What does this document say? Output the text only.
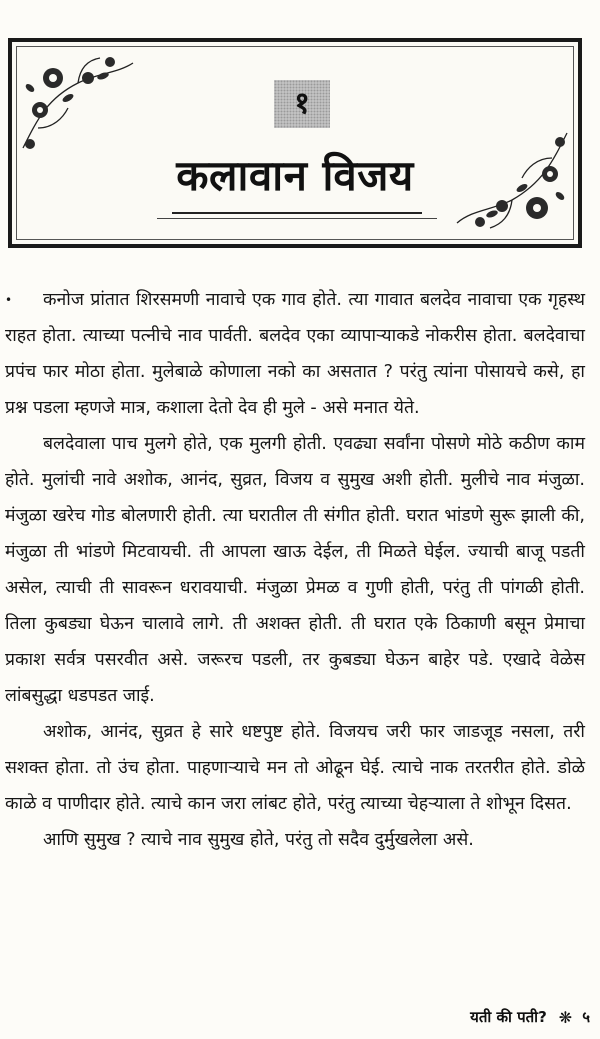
१
कलावान विजय

• कनोज प्रांतात शिरसमणी नावाचे एक गाव होते. त्या गावात बलदेव नावाचा एक गृहस्थ राहत होता. त्याच्या पत्नीचे नाव पार्वती. बलदेव एका व्यापाऱ्याकडे नोकरीस होता. बलदेवाचा प्रपंच फार मोठा होता. मुलेबाळे कोणाला नको का असतात ? परंतु त्यांना पोसायचे कसे, हा प्रश्न पडला म्हणजे मात्र, कशाला देतो देव ही मुले - असे मनात येते.

बलदेवाला पाच मुलगे होते, एक मुलगी होती. एवढ्या सर्वांना पोसणे मोठे कठीण काम होते. मुलांची नावे अशोक, आनंद, सुव्रत, विजय व सुमुख अशी होती. मुलीचे नाव मंजुळा. मंजुळा खरेच गोड बोलणारी होती. त्या घरातील ती संगीत होती. घरात भांडणे सुरू झाली की, मंजुळा ती भांडणे मिटवायची. ती आपला खाऊ देईल, ती मिळते घेईल. ज्याची बाजू पडती असेल, त्याची ती सावरून धरावयाची. मंजुळा प्रेमळ व गुणी होती, परंतु ती पांगळी होती. तिला कुबड्या घेऊन चालावे लागे. ती अशक्त होती. ती घरात एके ठिकाणी बसून प्रेमाचा प्रकाश सर्वत्र पसरवीत असे. जरूरच पडली, तर कुबड्या घेऊन बाहेर पडे. एखादे वेळेस लांबसुद्धा धडपडत जाई.

अशोक, आनंद, सुव्रत हे सारे धष्टपुष्ट होते. विजयच जरी फार जाडजूड नसला, तरी सशक्त होता. तो उंच होता. पाहणाऱ्याचे मन तो ओढून घेई. त्याचे नाक तरतरीत होते. डोळे काळे व पाणीदार होते. त्याचे कान जरा लांबट होते, परंतु त्याच्या चेहऱ्याला ते शोभून दिसत.

आणि सुमुख ? त्याचे नाव सुमुख होते, परंतु तो सदैव दुर्मुखलेला असे.

यती की पती? ❋ ५
